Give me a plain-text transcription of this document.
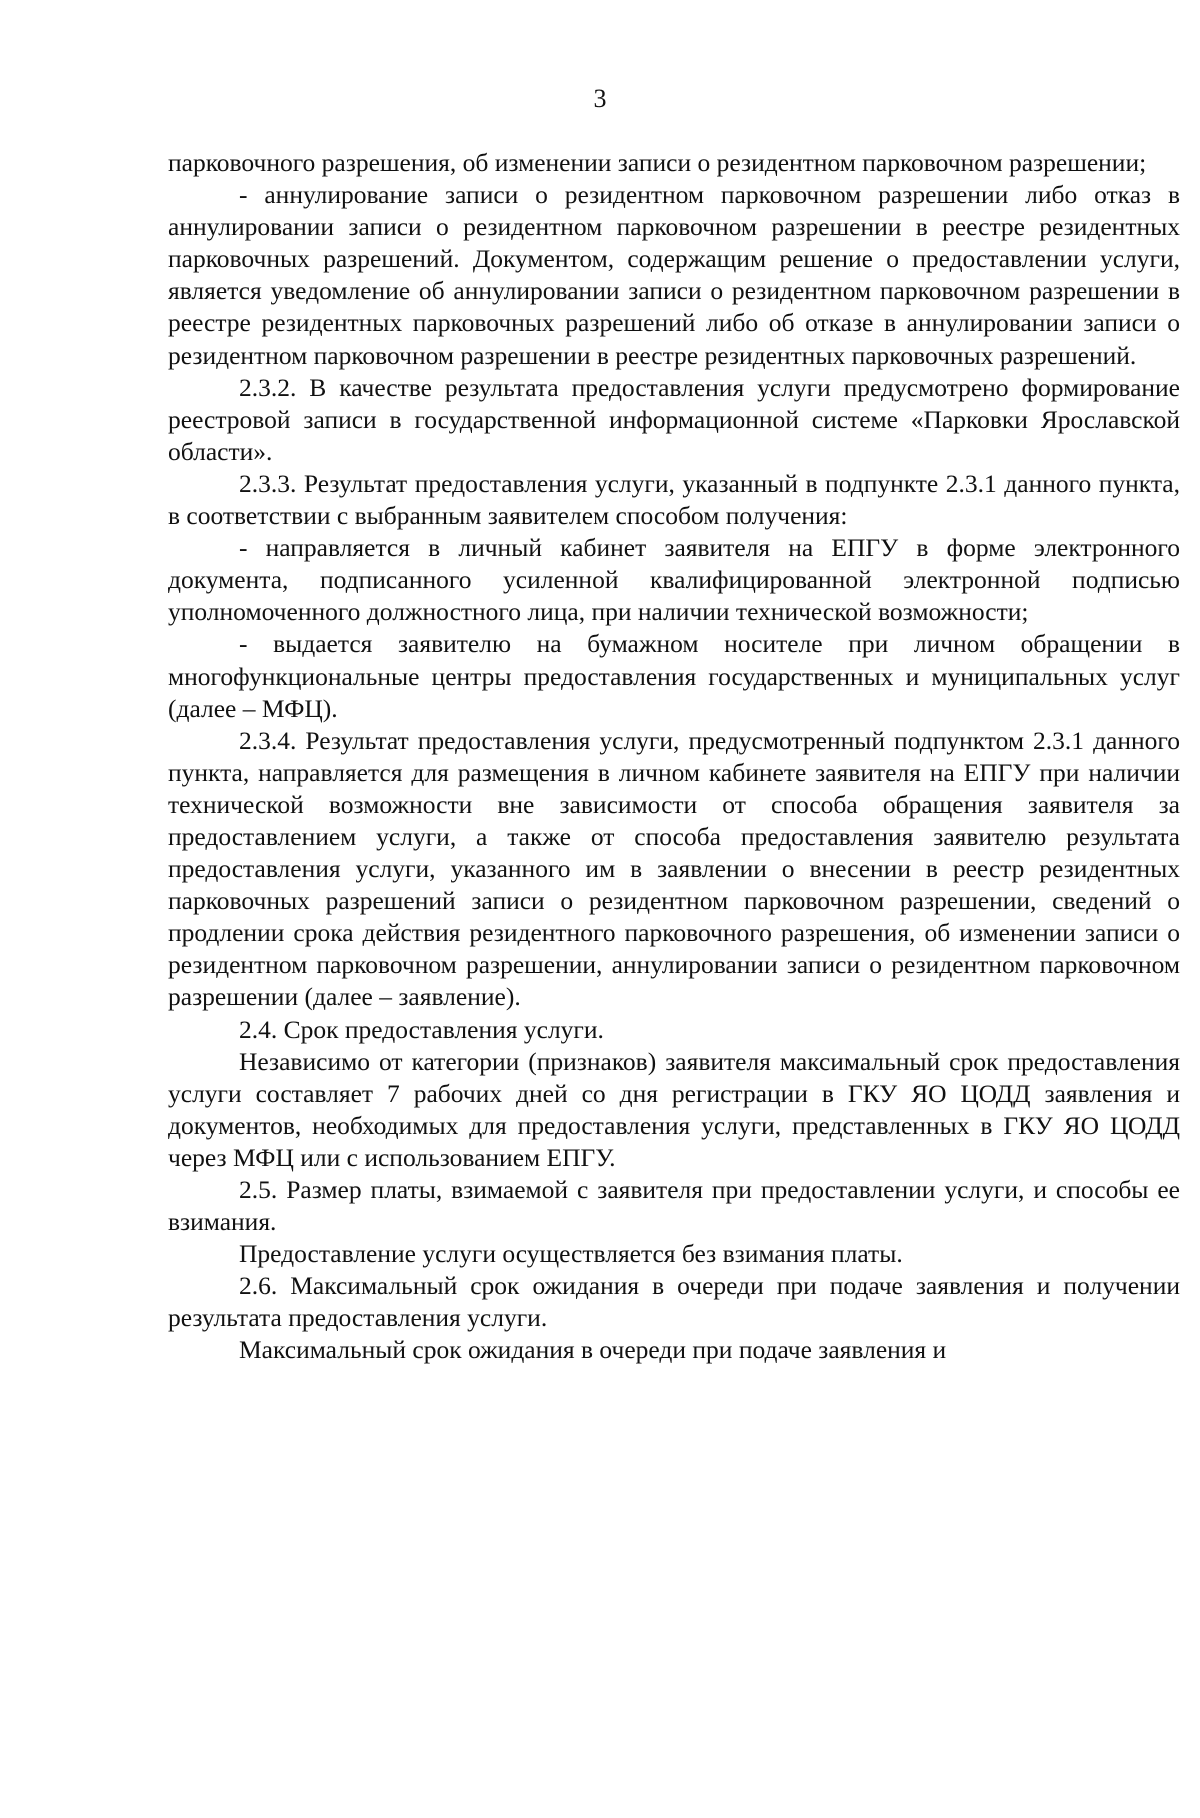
3

парковочного разрешения, об изменении записи о резидентном парковочном разрешении;

- аннулирование записи о резидентном парковочном разрешении либо отказ в аннулировании записи о резидентном парковочном разрешении в реестре резидентных парковочных разрешений. Документом, содержащим решение о предоставлении услуги, является уведомление об аннулировании записи о резидентном парковочном разрешении в реестре резидентных парковочных разрешений либо об отказе в аннулировании записи о резидентном парковочном разрешении в реестре резидентных парковочных разрешений.

2.3.2. В качестве результата предоставления услуги предусмотрено формирование реестровой записи в государственной информационной системе «Парковки Ярославской области».

2.3.3. Результат предоставления услуги, указанный в подпункте 2.3.1 данного пункта, в соответствии с выбранным заявителем способом получения:

- направляется в личный кабинет заявителя на ЕПГУ в форме электронного документа, подписанного усиленной квалифицированной электронной подписью уполномоченного должностного лица, при наличии технической возможности;

- выдается заявителю на бумажном носителе при личном обращении в многофункциональные центры предоставления государственных и муниципальных услуг (далее – МФЦ).

2.3.4. Результат предоставления услуги, предусмотренный подпунктом 2.3.1 данного пункта, направляется для размещения в личном кабинете заявителя на ЕПГУ при наличии технической возможности вне зависимости от способа обращения заявителя за предоставлением услуги, а также от способа предоставления заявителю результата предоставления услуги, указанного им в заявлении о внесении в реестр резидентных парковочных разрешений записи о резидентном парковочном разрешении, сведений о продлении срока действия резидентного парковочного разрешения, об изменении записи о резидентном парковочном разрешении, аннулировании записи о резидентном парковочном разрешении (далее – заявление).

2.4. Срок предоставления услуги.

Независимо от категории (признаков) заявителя максимальный срок предоставления услуги составляет 7 рабочих дней со дня регистрации в ГКУ ЯО ЦОДД заявления и документов, необходимых для предоставления услуги, представленных в ГКУ ЯО ЦОДД через МФЦ или с использованием ЕПГУ.

2.5. Размер платы, взимаемой с заявителя при предоставлении услуги, и способы ее взимания.

Предоставление услуги осуществляется без взимания платы.

2.6. Максимальный срок ожидания в очереди при подаче заявления и получении результата предоставления услуги.

Максимальный срок ожидания в очереди при подаче заявления и
